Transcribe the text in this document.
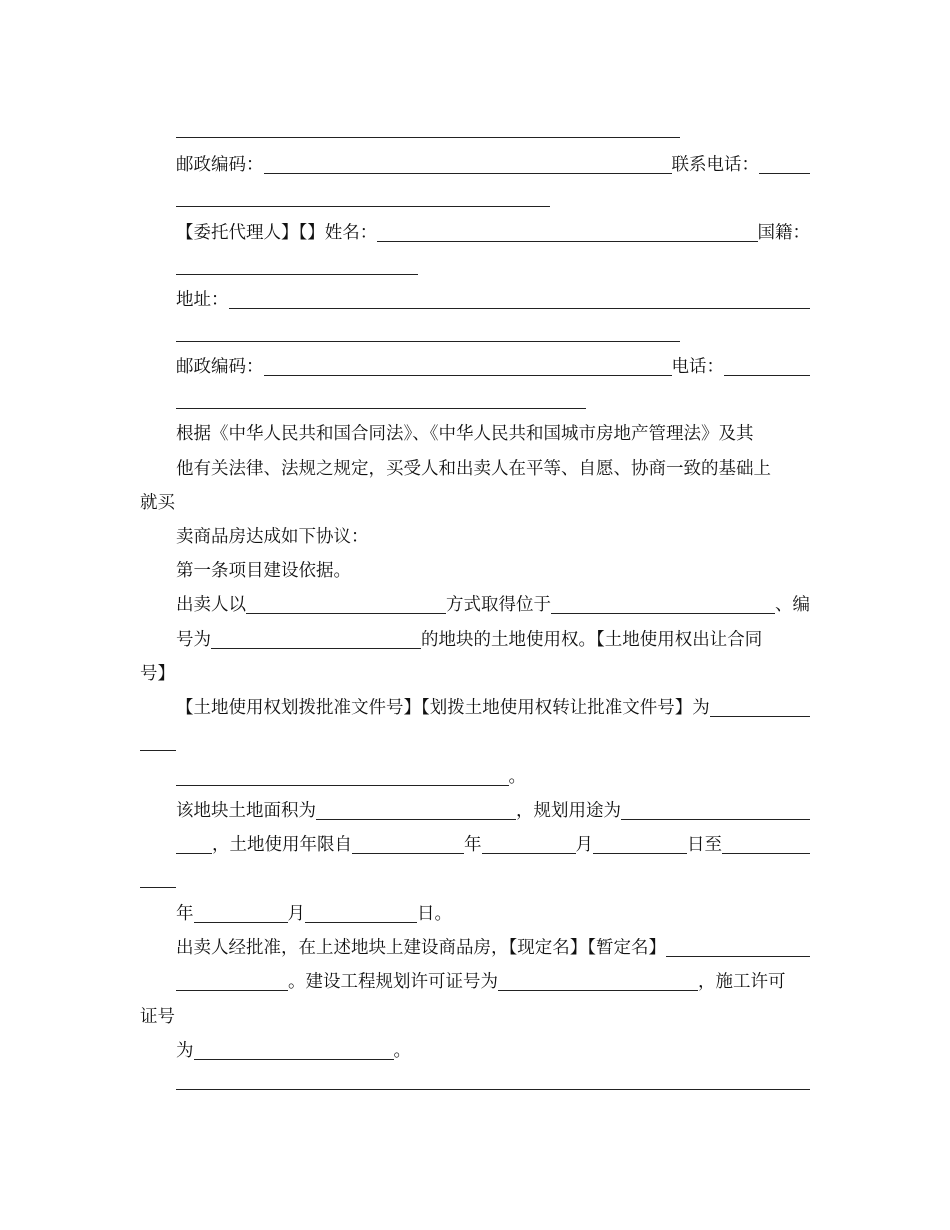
邮政编码：	联系电话：
【委托代理人】【】姓名：	国籍：
地址：
邮政编码：	电话：
根据《中华人民共和国合同法》、《中华人民共和国城市房地产管理法》及其
他有关法律、法规之规定，买受人和出卖人在平等、自愿、协商一致的基础上
就买
卖商品房达成如下协议：
第一条项目建设依据。
出卖人以	方式取得位于	、编
号为	的地块的土地使用权。【土地使用权出让合同
号】
【土地使用权划拨批准文件号】【划拨土地使用权转让批准文件号】为
。
该地块土地面积为	，规划用途为
，土地使用年限自	年	月	日至
年	月	日。
出卖人经批准，在上述地块上建设商品房，【现定名】【暂定名】
。建设工程规划许可证号为	，施工许可
证号
为	。
